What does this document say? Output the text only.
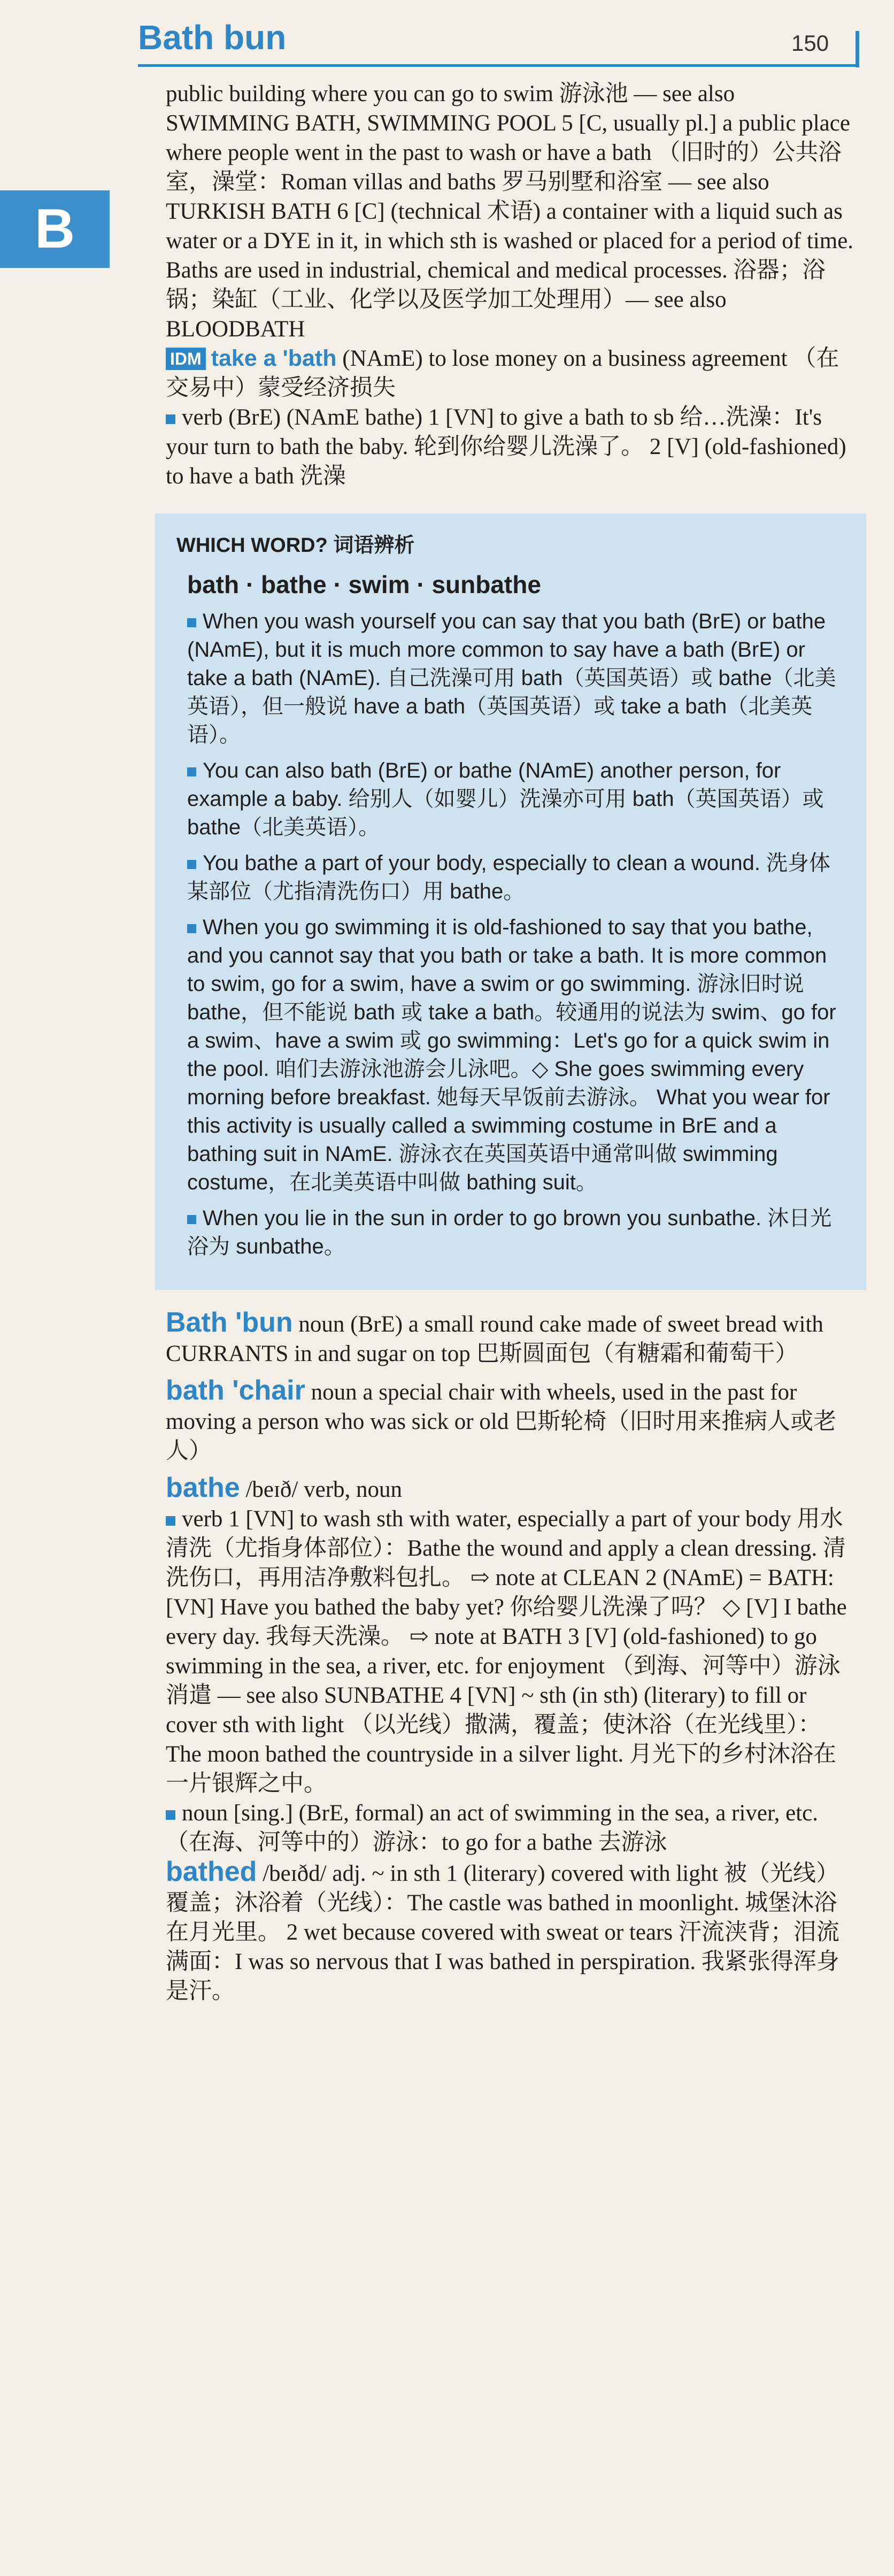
Bath bun	150
B

public building where you can go to swim 游泳池 — see also SWIMMING BATH, SWIMMING POOL 5 [C, usually pl.] a public place where people went in the past to wash or have a bath （旧时的）公共浴室，澡堂：Roman villas and baths 罗马别墅和浴室 — see also TURKISH BATH 6 [C] (technical 术语) a container with a liquid such as water or a DYE in it, in which sth is washed or placed for a period of time. Baths are used in industrial, chemical and medical processes. 浴器；浴锅；染缸（工业、化学以及医学加工处理用）— see also BLOODBATH

IDM take a 'bath (NAmE) to lose money on a business agreement （在交易中）蒙受经济损失

verb (BrE) (NAmE bathe) 1 [VN] to give a bath to sb 给…洗澡：It's your turn to bath the baby. 轮到你给婴儿洗澡了。 2 [V] (old-fashioned) to have a bath 洗澡

WHICH WORD? 词语辨析

bath · bathe · swim · sunbathe

When you wash yourself you can say that you bath (BrE) or bathe (NAmE), but it is much more common to say have a bath (BrE) or take a bath (NAmE). 自己洗澡可用 bath（英国英语）或 bathe（北美英语），但一般说 have a bath（英国英语）或 take a bath（北美英语）。

You can also bath (BrE) or bathe (NAmE) another person, for example a baby. 给别人（如婴儿）洗澡亦可用 bath（英国英语）或 bathe（北美英语）。

You bathe a part of your body, especially to clean a wound. 洗身体某部位（尤指清洗伤口）用 bathe。

When you go swimming it is old-fashioned to say that you bathe, and you cannot say that you bath or take a bath. It is more common to swim, go for a swim, have a swim or go swimming. 游泳旧时说 bathe，但不能说 bath 或 take a bath。较通用的说法为 swim、go for a swim、have a swim 或 go swimming：Let's go for a quick swim in the pool. 咱们去游泳池游会儿泳吧。◇ She goes swimming every morning before breakfast. 她每天早饭前去游泳。 What you wear for this activity is usually called a swimming costume in BrE and a bathing suit in NAmE. 游泳衣在英国英语中通常叫做 swimming costume，在北美英语中叫做 bathing suit。

When you lie in the sun in order to go brown you sunbathe. 沐日光浴为 sunbathe。

Bath 'bun noun (BrE) a small round cake made of sweet bread with CURRANTS in and sugar on top 巴斯圆面包（有糖霜和葡萄干）

bath 'chair noun a special chair with wheels, used in the past for moving a person who was sick or old 巴斯轮椅（旧时用来推病人或老人）

bathe /beɪð/ verb, noun

verb 1 [VN] to wash sth with water, especially a part of your body 用水清洗（尤指身体部位）：Bathe the wound and apply a clean dressing. 清洗伤口，再用洁净敷料包扎。 ⇨ note at CLEAN 2 (NAmE) = BATH: [VN] Have you bathed the baby yet? 你给婴儿洗澡了吗？ ◇ [V] I bathe every day. 我每天洗澡。 ⇨ note at BATH 3 [V] (old-fashioned) to go swimming in the sea, a river, etc. for enjoyment （到海、河等中）游泳消遣 — see also SUNBATHE 4 [VN] ~ sth (in sth) (literary) to fill or cover sth with light （以光线）撒满，覆盖；使沐浴（在光线里）：The moon bathed the countryside in a silver light. 月光下的乡村沐浴在一片银辉之中。

noun [sing.] (BrE, formal) an act of swimming in the sea, a river, etc. （在海、河等中的）游泳：to go for a bathe 去游泳

bathed /beɪðd/ adj. ~ in sth 1 (literary) covered with light 被（光线）覆盖；沐浴着（光线）：The castle was bathed in moonlight. 城堡沐浴在月光里。 2 wet because covered with sweat or tears 汗流浃背；泪流满面：I was so nervous that I was bathed in perspiration. 我紧张得浑身是汗。
